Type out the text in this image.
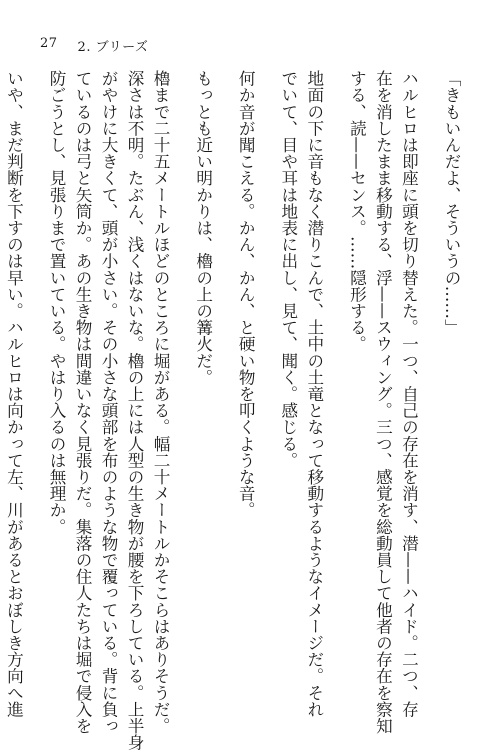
27 2. ブリーズ
「きもいんだよ、そういうの……」
ハルヒロは即座に頭を切り替えた。一つ、自己の存在を消す、潜——ハイド。二つ、存
在を消したまま移動する、浮——スウィング。三つ、感覚を総動員して他者の存在を察知
する、読——センス。……隠形する。
地面の下に音もなく潜りこんで、土中の土竜となって移動するようなイメージだ。それ
でいて、目や耳は地表に出し、見て、聞く。感じる。
何か音が聞こえる。かん、かん、と硬い物を叩くような音。
もっとも近い明かりは、櫓の上の篝火だ。
櫓まで二十五メートルほどのところに堀がある。幅二十メートルかそこらはありそうだ。
深さは不明。たぶん、浅くはないな。櫓の上には人型の生き物が腰を下ろしている。上半身
がやけに大きくて、頭が小さい。その小さな頭部を布のような物で覆っている。背に負っ
ているのは弓と矢筒か。あの生き物は間違いなく見張りだ。集落の住人たちは堀で侵入を
防ごうとし、見張りまで置いている。やはり入るのは無理か。
いや、まだ判断を下すのは早い。ハルヒロは向かって左、川があるとおぼしき方向へ進
